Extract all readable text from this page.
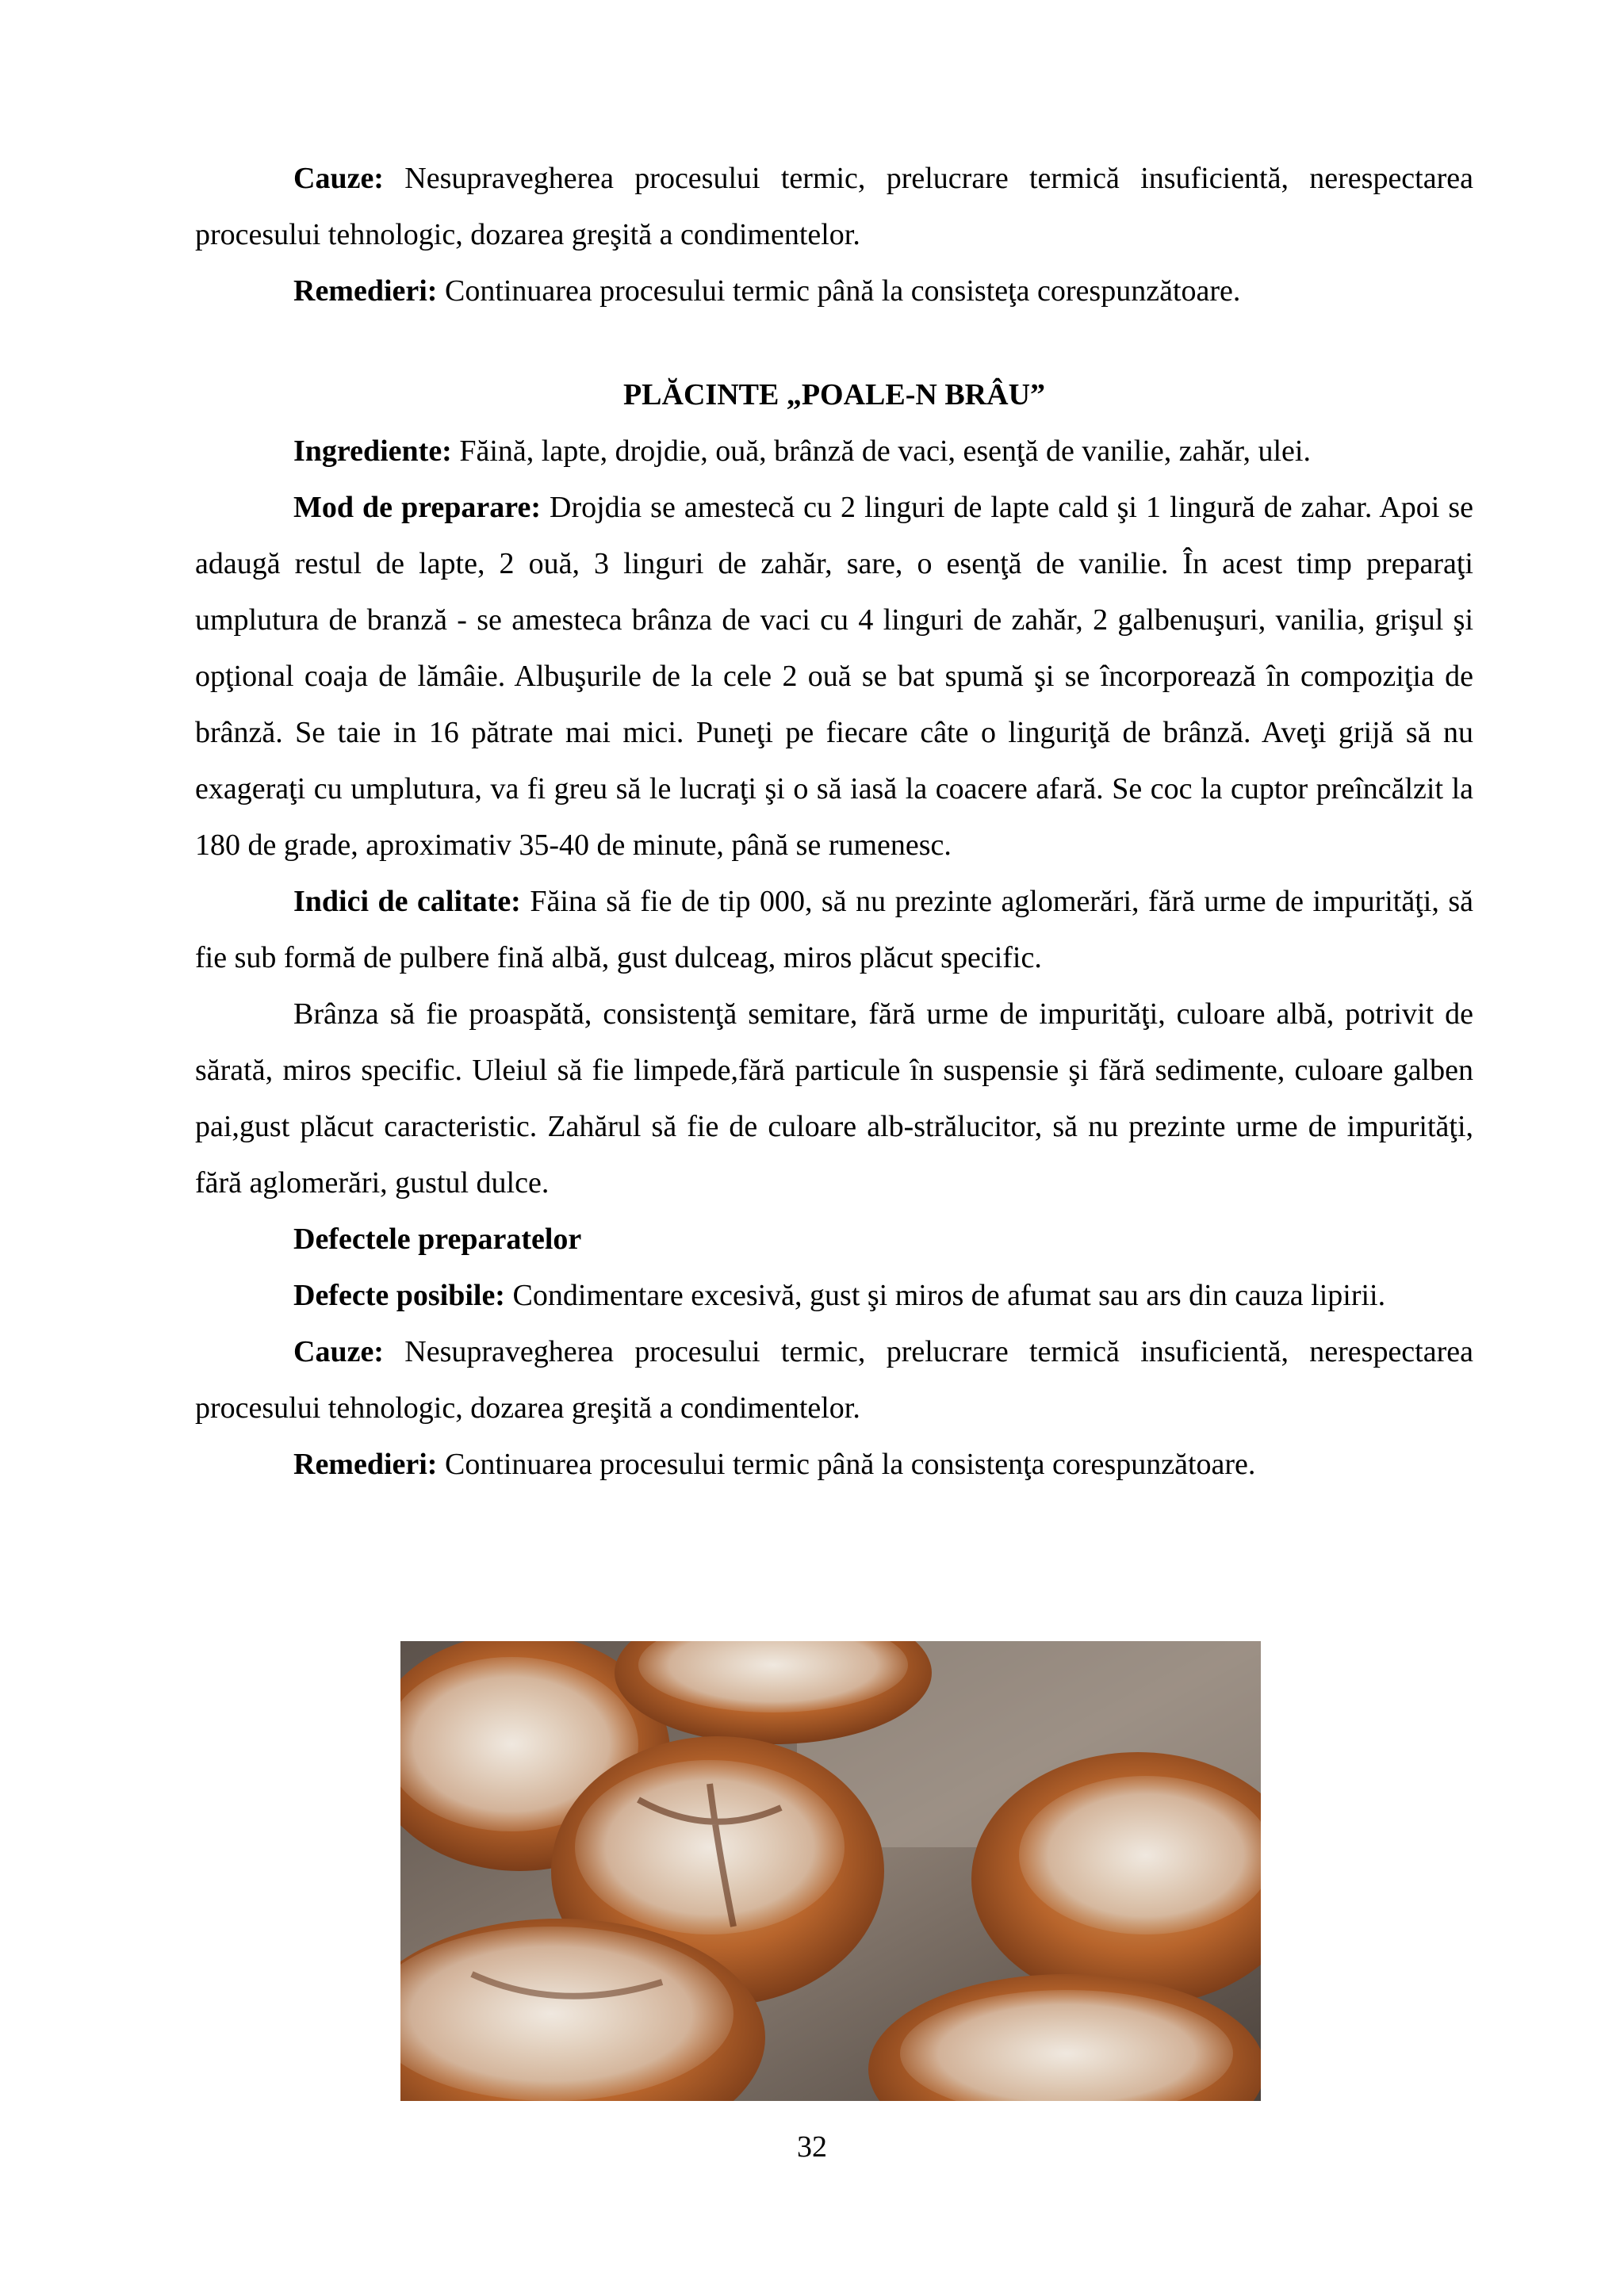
Cauze: Nesupravegherea procesului termic, prelucrare termică insuficientă, nerespectarea procesului tehnologic, dozarea greşită a condimentelor.

Remedieri: Continuarea procesului termic până la consisteţa corespunzătoare.

PLĂCINTE „POALE-N BRÂU”

Ingrediente: Făină, lapte, drojdie, ouă, brânză de vaci, esenţă de vanilie, zahăr, ulei.

Mod de preparare: Drojdia se amestecă cu 2 linguri de lapte cald şi 1 lingură de zahar. Apoi se adaugă restul de lapte, 2 ouă, 3 linguri de zahăr, sare, o esenţă de vanilie. În acest timp preparaţi umplutura de branză - se amesteca brânza de vaci cu 4 linguri de zahăr, 2 galbenuşuri, vanilia, grişul şi opţional coaja de lămâie. Albuşurile de la cele 2 ouă se bat spumă şi se încorporează în compoziţia de brânză. Se taie in 16 pătrate mai mici. Puneţi pe fiecare câte o linguriţă de brânză. Aveţi grijă să nu exageraţi cu umplutura, va fi greu să le lucraţi şi o să iasă la coacere afară. Se coc la cuptor preîncălzit la 180 de grade, aproximativ 35-40 de minute, până se rumenesc.

Indici de calitate: Făina să fie de tip 000, să nu prezinte aglomerări, fără urme de impurităţi, să fie sub formă de pulbere fină albă, gust dulceag, miros plăcut specific.

Brânza să fie proaspătă, consistenţă semitare, fără urme de impurităţi, culoare albă, potrivit de sărată, miros specific. Uleiul să fie limpede,fără particule în suspensie şi fără sedimente, culoare galben pai,gust plăcut caracteristic. Zahărul să fie de culoare alb-strălucitor, să nu prezinte urme de impurităţi, fără aglomerări, gustul dulce.

Defectele preparatelor

Defecte posibile: Condimentare excesivă, gust şi miros de afumat sau ars din cauza lipirii.

Cauze: Nesupravegherea procesului termic, prelucrare termică insuficientă, nerespectarea procesului tehnologic, dozarea greşită a condimentelor.

Remedieri: Continuarea procesului termic până la consistenţa corespunzătoare.

32
